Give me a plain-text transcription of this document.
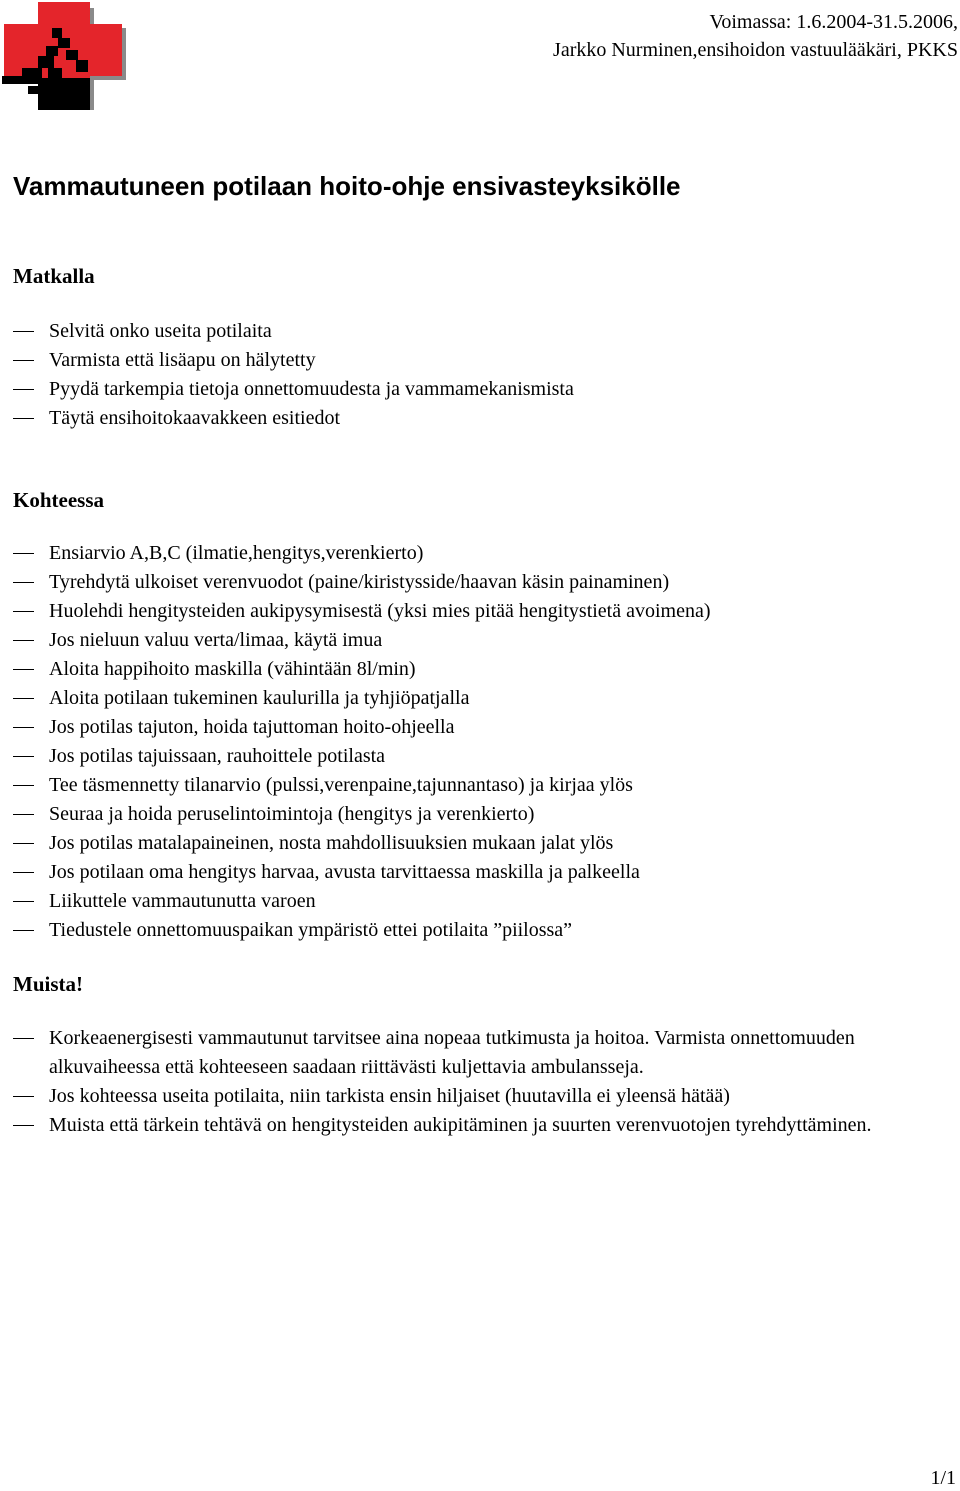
Voimassa: 1.6.2004-31.5.2006,
Jarkko Nurminen,ensihoidon vastuulääkäri, PKKS
Vammautuneen potilaan hoito-ohje ensivasteyksikölle
Matkalla
Selvitä onko useita potilaita
Varmista että lisäapu on hälytetty
Pyydä tarkempia tietoja onnettomuudesta ja vammamekanismista
Täytä ensihoitokaavakkeen esitiedot
Kohteessa
Ensiarvio A,B,C (ilmatie,hengitys,verenkierto)
Tyrehdytä ulkoiset verenvuodot (paine/kiristysside/haavan käsin painaminen)
Huolehdi hengitysteiden aukipysymisestä (yksi mies pitää hengitystietä avoimena)
Jos nieluun valuu verta/limaa, käytä imua
Aloita happihoito maskilla (vähintään 8l/min)
Aloita potilaan tukeminen kaulurilla ja tyhjiöpatjalla
Jos potilas tajuton, hoida tajuttoman hoito-ohjeella
Jos potilas tajuissaan, rauhoittele potilasta
Tee täsmennetty tilanarvio (pulssi,verenpaine,tajunnantaso) ja kirjaa ylös
Seuraa ja hoida peruselintoimintoja (hengitys ja verenkierto)
Jos potilas matalapaineinen, nosta mahdollisuuksien mukaan jalat ylös
Jos potilaan oma hengitys harvaa, avusta tarvittaessa maskilla ja palkeella
Liikuttele vammautunutta varoen
Tiedustele onnettomuuspaikan ympäristö ettei potilaita ”piilossa”
Muista!
Korkeaenergisesti vammautunut tarvitsee aina nopeaa tutkimusta ja hoitoa. Varmista onnettomuuden alkuvaiheessa että kohteeseen saadaan riittävästi kuljettavia ambulansseja.
Jos kohteessa useita potilaita, niin tarkista ensin hiljaiset (huutavilla ei yleensä hätää)
Muista että tärkein tehtävä on hengitysteiden aukipitäminen ja suurten verenvuotojen tyrehdyttäminen.
1/1
